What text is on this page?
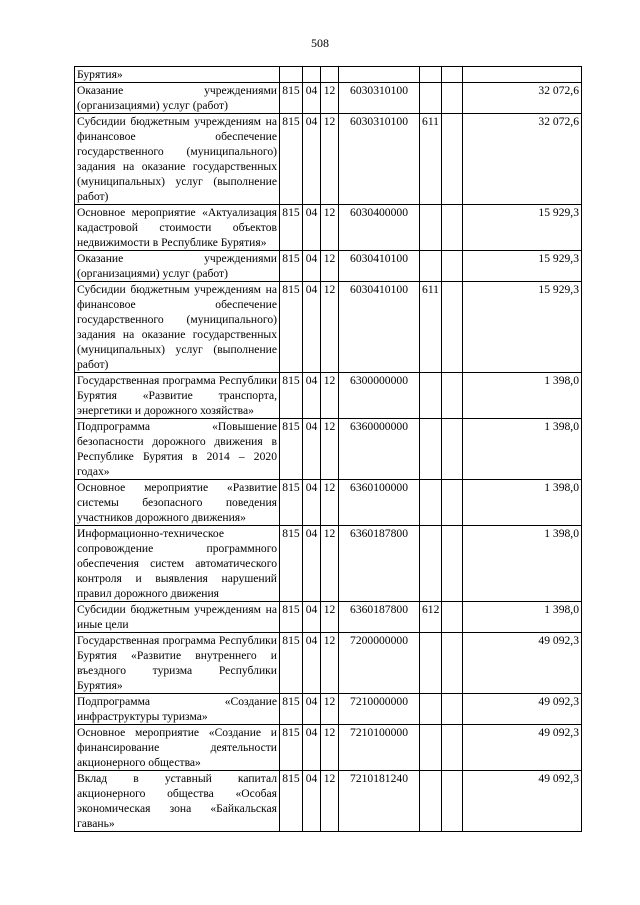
508
Бурятия»							
Оказание учреждениями (организациями) услуг (работ)	815	04	12	6030310100			32 072,6
Субсидии бюджетным учреждениям на финансовое обеспечение государственного (муниципального) задания на оказание государственных (муниципальных) услуг (выполнение работ)	815	04	12	6030310100	611		32 072,6
Основное мероприятие «Актуализация кадастровой стоимости объектов недвижимости в Республике Бурятия»	815	04	12	6030400000			15 929,3
Оказание учреждениями (организациями) услуг (работ)	815	04	12	6030410100			15 929,3
Субсидии бюджетным учреждениям на финансовое обеспечение государственного (муниципального) задания на оказание государственных (муниципальных) услуг (выполнение работ)	815	04	12	6030410100	611		15 929,3
Государственная программа Республики Бурятия «Развитие транспорта, энергетики и дорожного хозяйства»	815	04	12	6300000000			1 398,0
Подпрограмма «Повышение безопасности дорожного движения в Республике Бурятия в 2014 – 2020 годах»	815	04	12	6360000000			1 398,0
Основное мероприятие «Развитие системы безопасного поведения участников дорожного движения»	815	04	12	6360100000			1 398,0
Информационно-техническое сопровождение программного обеспечения систем автоматического контроля и выявления нарушений правил дорожного движения	815	04	12	6360187800			1 398,0
Субсидии бюджетным учреждениям на иные цели	815	04	12	6360187800	612		1 398,0
Государственная программа Республики Бурятия «Развитие внутреннего и въездного туризма Республики Бурятия»	815	04	12	7200000000			49 092,3
Подпрограмма «Создание инфраструктуры туризма»	815	04	12	7210000000			49 092,3
Основное мероприятие «Создание и финансирование деятельности акционерного общества»	815	04	12	7210100000			49 092,3
Вклад в уставный капитал акционерного общества «Особая экономическая зона «Байкальская гавань»	815	04	12	7210181240			49 092,3
